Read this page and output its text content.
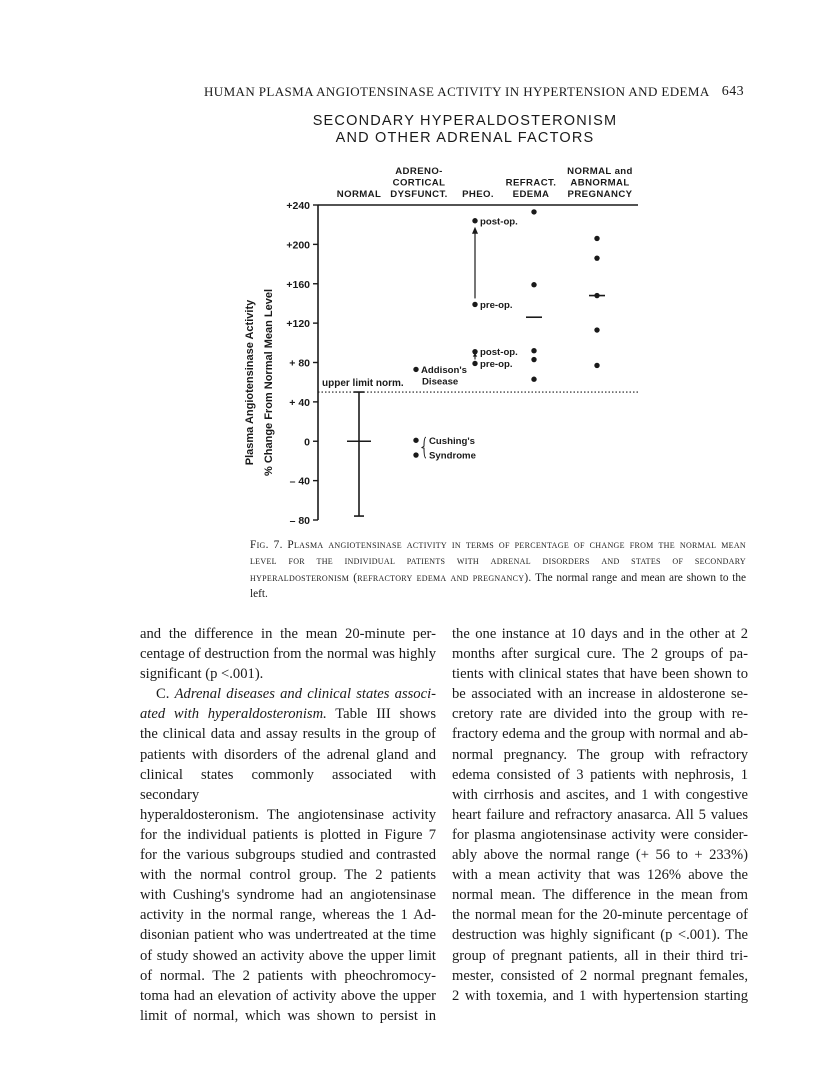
HUMAN PLASMA ANGIOTENSINASE ACTIVITY IN HYPERTENSION AND EDEMA 643
SECONDARY HYPERALDOSTERONISM
AND OTHER ADRENAL FACTORS
+240
+200
+160
+120
+ 80
+ 40
0
– 40
– 80
Plasma Angiotensinase Activity % Change From Normal Mean Level
NORMAL
ADRENO-
CORTICAL
DYSFUNCT. PHEO.
REFRACT.
EDEMA
NORMAL and
ABNORMAL
PREGNANCY
upper limit norm.
post-op.
pre-op.
post-op.
pre-op.
Addison's
Disease
Cushing's
Syndrome
Fig. 7. Plasma angiotensinase activity in terms of percentage of change from the normal mean level for the individual patients with adrenal disorders and states of secondary hyperaldosteronism (refractory edema and pregnancy). The normal range and mean are shown to the left.
and the difference in the mean 20-minute per-
centage of destruction from the normal was highly
significant (p <.001).
C. Adrenal diseases and clinical states associ-
ated with hyperaldosteronism. Table III shows
the clinical data and assay results in the group of
patients with disorders of the adrenal gland and
clinical states commonly associated with secondary
hyperaldosteronism. The angiotensinase activity
for the individual patients is plotted in Figure 7
for the various subgroups studied and contrasted
with the normal control group. The 2 patients
with Cushing's syndrome had an angiotensinase
activity in the normal range, whereas the 1 Ad-
disonian patient who was undertreated at the time
of study showed an activity above the upper limit
of normal. The 2 patients with pheochromocy-
toma had an elevation of activity above the upper
limit of normal, which was shown to persist in
the one instance at 10 days and in the other at 2
months after surgical cure. The 2 groups of pa-
tients with clinical states that have been shown to
be associated with an increase in aldosterone se-
cretory rate are divided into the group with re-
fractory edema and the group with normal and ab-
normal pregnancy. The group with refractory
edema consisted of 3 patients with nephrosis, 1
with cirrhosis and ascites, and 1 with congestive
heart failure and refractory anasarca. All 5 values
for plasma angiotensinase activity were consider-
ably above the normal range (+ 56 to + 233%)
with a mean activity that was 126% above the
normal mean. The difference in the mean from
the normal mean for the 20-minute percentage of
destruction was highly significant (p <.001). The
group of pregnant patients, all in their third tri-
mester, consisted of 2 normal pregnant females,
2 with toxemia, and 1 with hypertension starting
